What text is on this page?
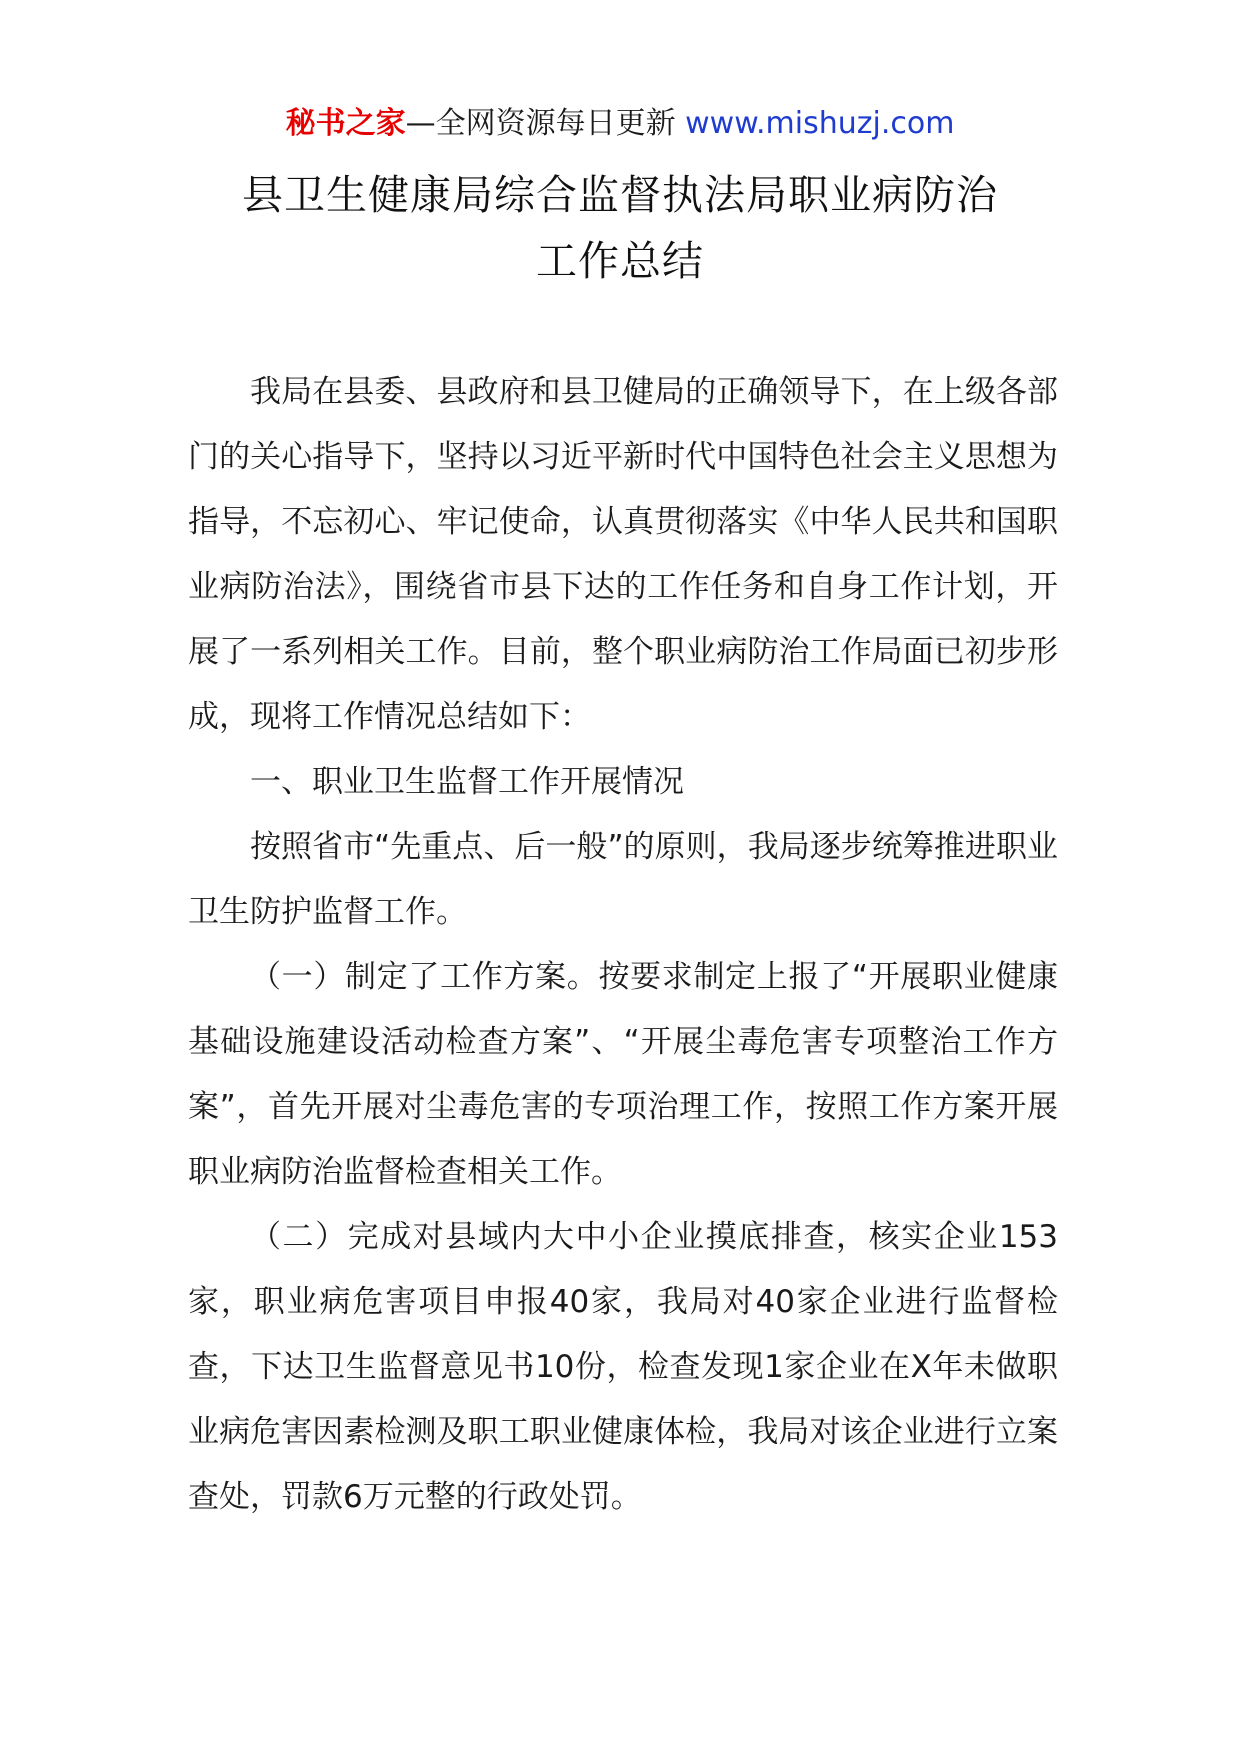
秘书之家—全网资源每日更新 www.mishuzj.com
县卫生健康局综合监督执法局职业病防治
工作总结

我局在县委、县政府和县卫健局的正确领导下，在上级各部门的关心指导下，坚持以习近平新时代中国特色社会主义思想为指导，不忘初心、牢记使命，认真贯彻落实《中华人民共和国职业病防治法》，围绕省市县下达的工作任务和自身工作计划，开展了一系列相关工作。目前，整个职业病防治工作局面已初步形成，现将工作情况总结如下：

一、职业卫生监督工作开展情况

按照省市“先重点、后一般”的原则，我局逐步统筹推进职业卫生防护监督工作。

（一）制定了工作方案。按要求制定上报了“开展职业健康基础设施建设活动检查方案”、“开展尘毒危害专项整治工作方案”，首先开展对尘毒危害的专项治理工作，按照工作方案开展职业病防治监督检查相关工作。

（二）完成对县域内大中小企业摸底排查，核实企业153家，职业病危害项目申报40家，我局对40家企业进行监督检查，下达卫生监督意见书10份，检查发现1家企业在X年未做职业病危害因素检测及职工职业健康体检，我局对该企业进行立案查处，罚款6万元整的行政处罚。
